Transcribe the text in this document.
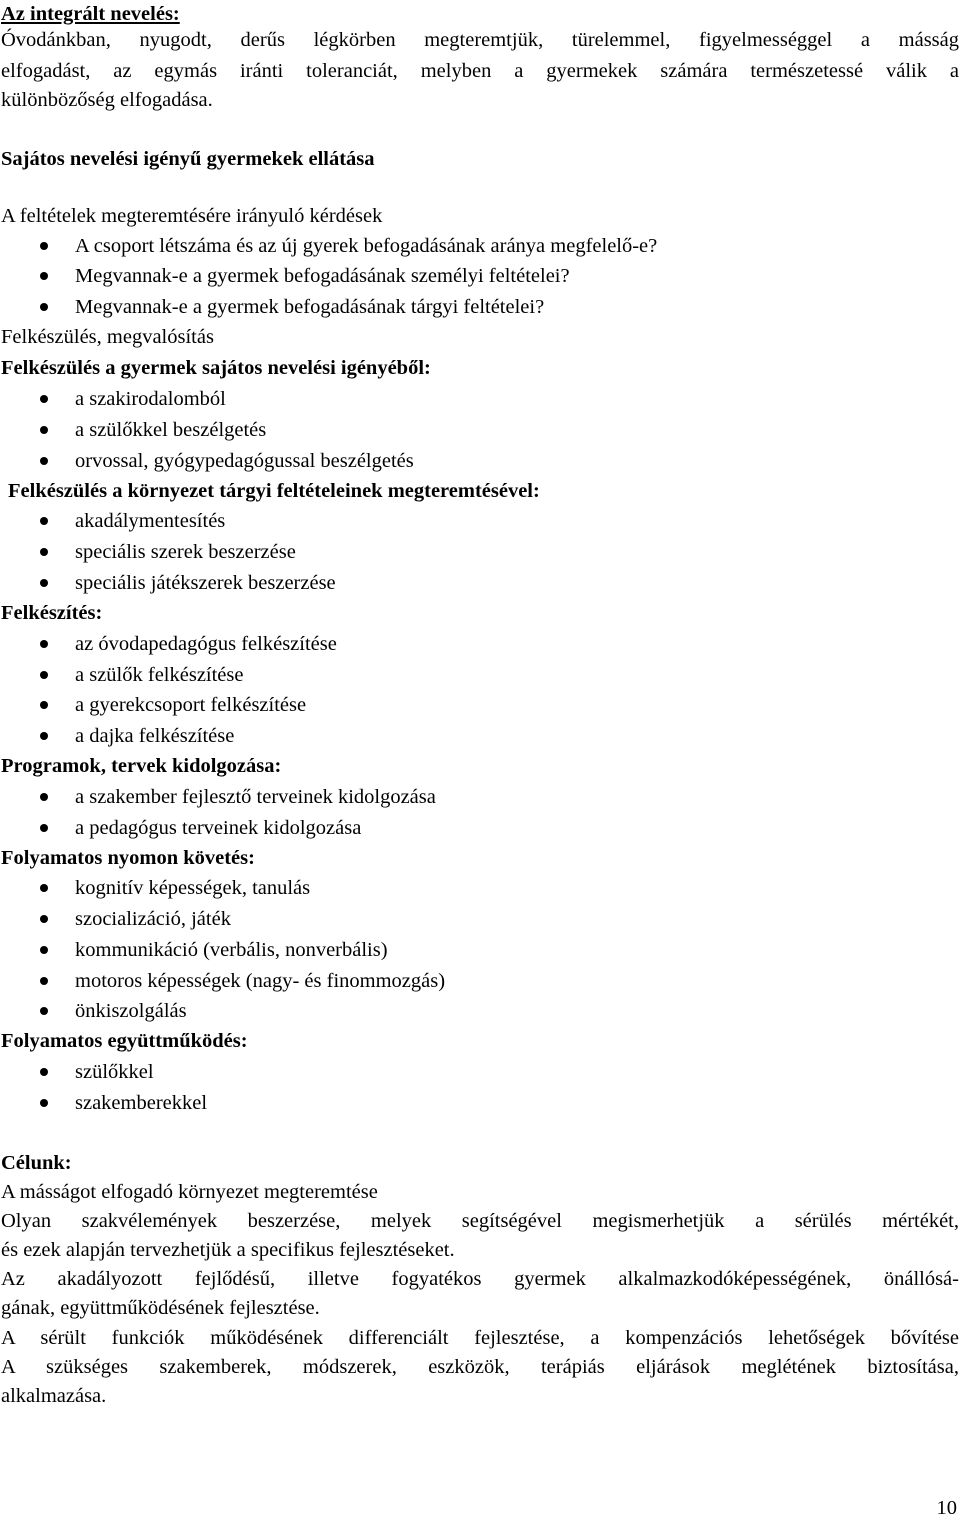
Az integrált nevelés:
Óvodánkban, nyugodt, derűs légkörben megteremtjük, türelemmel, figyelmességgel a másság
elfogadást, az egymás iránti toleranciát, melyben a gyermekek számára természetessé válik a
különbözőség elfogadása.
Sajátos nevelési igényű gyermekek ellátása
A feltételek megteremtésére irányuló kérdések
A csoport létszáma és az új gyerek befogadásának aránya megfelelő-e?
Megvannak-e a gyermek befogadásának személyi feltételei?
Megvannak-e a gyermek befogadásának tárgyi feltételei?
Felkészülés, megvalósítás
Felkészülés a gyermek sajátos nevelési igényéből:
a szakirodalomból
a szülőkkel beszélgetés
orvossal, gyógypedagógussal beszélgetés
Felkészülés a környezet tárgyi feltételeinek megteremtésével:
akadálymentesítés
speciális szerek beszerzése
speciális játékszerek beszerzése
Felkészítés:
az óvodapedagógus felkészítése
a szülők felkészítése
a gyerekcsoport felkészítése
a dajka felkészítése
Programok, tervek kidolgozása:
a szakember fejlesztő terveinek kidolgozása
a pedagógus terveinek kidolgozása
Folyamatos nyomon követés:
kognitív képességek, tanulás
szocializáció, játék
kommunikáció (verbális, nonverbális)
motoros képességek (nagy- és finommozgás)
önkiszolgálás
Folyamatos együttműködés:
szülőkkel
szakemberekkel
Célunk:
A másságot elfogadó környezet megteremtése
Olyan szakvélemények beszerzése, melyek segítségével megismerhetjük a sérülés mértékét,
és ezek alapján tervezhetjük a specifikus fejlesztéseket.
Az akadályozott fejlődésű, illetve fogyatékos gyermek alkalmazkodóképességének, önállósá-
gának, együttműködésének fejlesztése.
A sérült funkciók működésének differenciált fejlesztése, a kompenzációs lehetőségek bővítése
A szükséges szakemberek, módszerek, eszközök, terápiás eljárások meglétének biztosítása,
alkalmazása.
10
